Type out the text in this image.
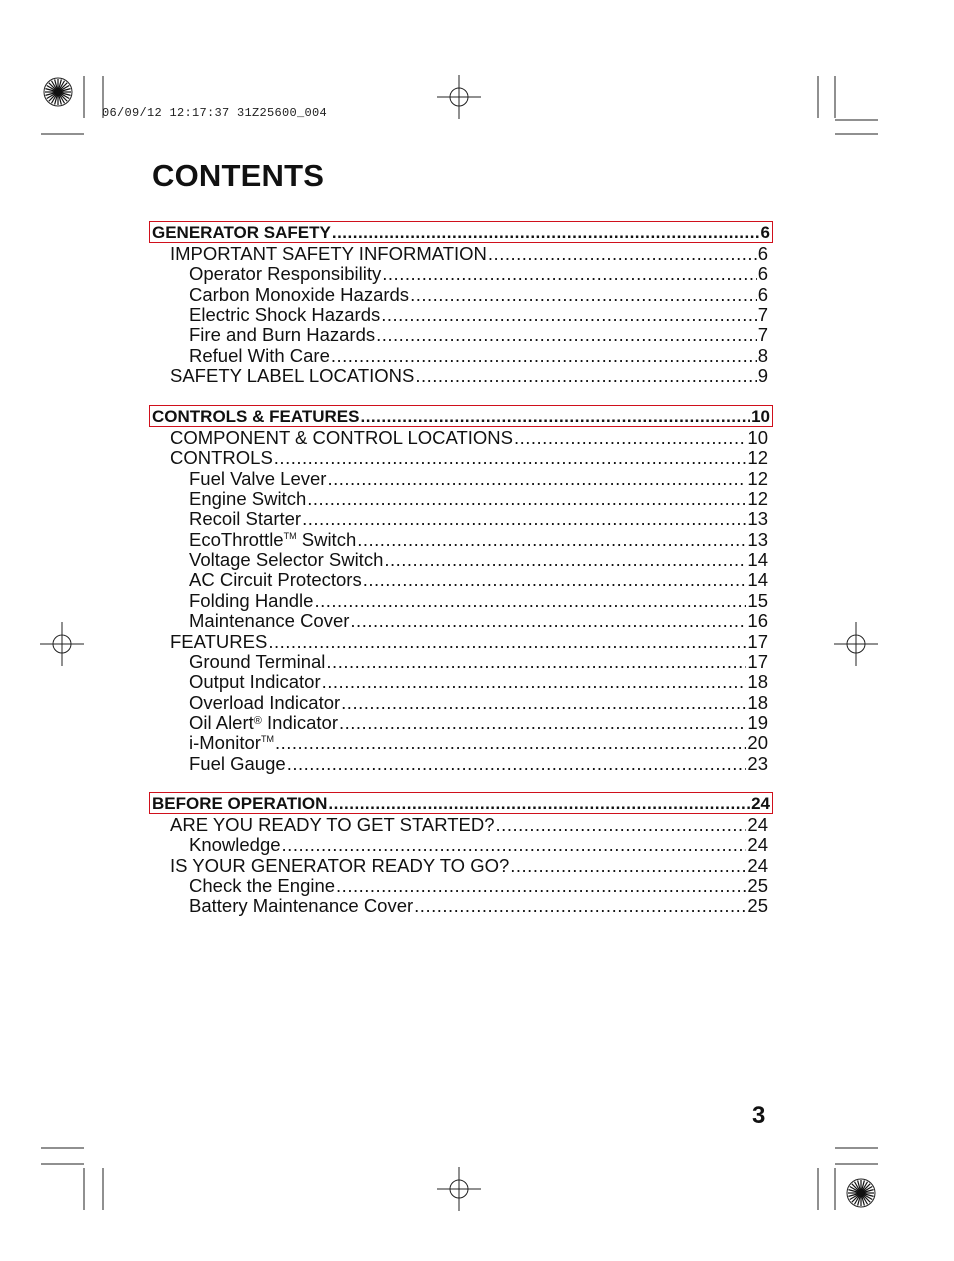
06/09/12 12:17:37 31Z25600_004
CONTENTS
GENERATOR SAFETY .....	6
IMPORTANT SAFETY INFORMATION .....	6
Operator Responsibility .....	6
Carbon Monoxide Hazards .....	6
Electric Shock Hazards .....	7
Fire and Burn Hazards .....	7
Refuel With Care .....	8
SAFETY LABEL LOCATIONS .....	9
CONTROLS & FEATURES .....	10
COMPONENT & CONTROL LOCATIONS .....	10
CONTROLS .....	12
Fuel Valve Lever .....	12
Engine Switch .....	12
Recoil Starter .....	13
EcoThrottle™ Switch .....	13
Voltage Selector Switch .....	14
AC Circuit Protectors .....	14
Folding Handle .....	15
Maintenance Cover .....	16
FEATURES .....	17
Ground Terminal .....	17
Output Indicator .....	18
Overload Indicator .....	18
Oil Alert® Indicator .....	19
i-Monitor™ .....	20
Fuel Gauge .....	23
BEFORE OPERATION .....	24
ARE YOU READY TO GET STARTED? .....	24
Knowledge .....	24
IS YOUR GENERATOR READY TO GO? .....	24
Check the Engine .....	25
Battery Maintenance Cover .....	25
3
